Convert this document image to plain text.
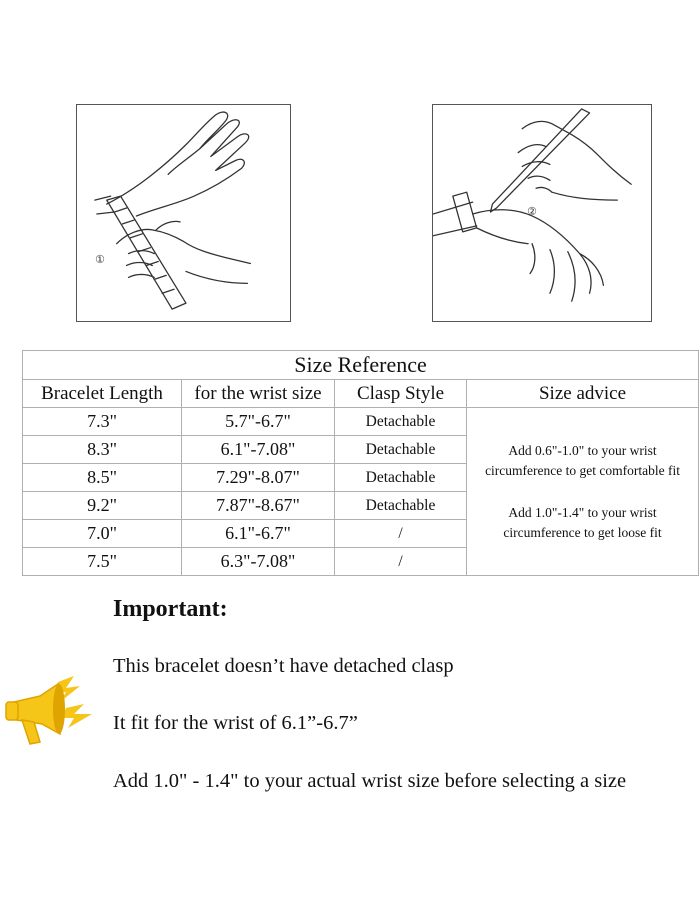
①
②
Size Reference			
Bracelet Length	for the wrist size	Clasp Style	Size advice
7.3"	5.7"-6.7"	Detachable	Add 0.6"-1.0" to your wrist circumference to get comfortable fit
Add 1.0"-1.4" to your wrist circumference to get loose fit

8.3"	6.1"-7.08"	Detachable	
8.5"	7.29"-8.07"	Detachable	
9.2"	7.87"-8.67"	Detachable	
7.0"	6.1"-6.7"	/	
7.5"	6.3"-7.08"	/	
Important:

This bracelet doesn’t have detached clasp

It fit for the wrist of 6.1”-6.7”

Add 1.0" - 1.4" to your actual wrist size before selecting a size
